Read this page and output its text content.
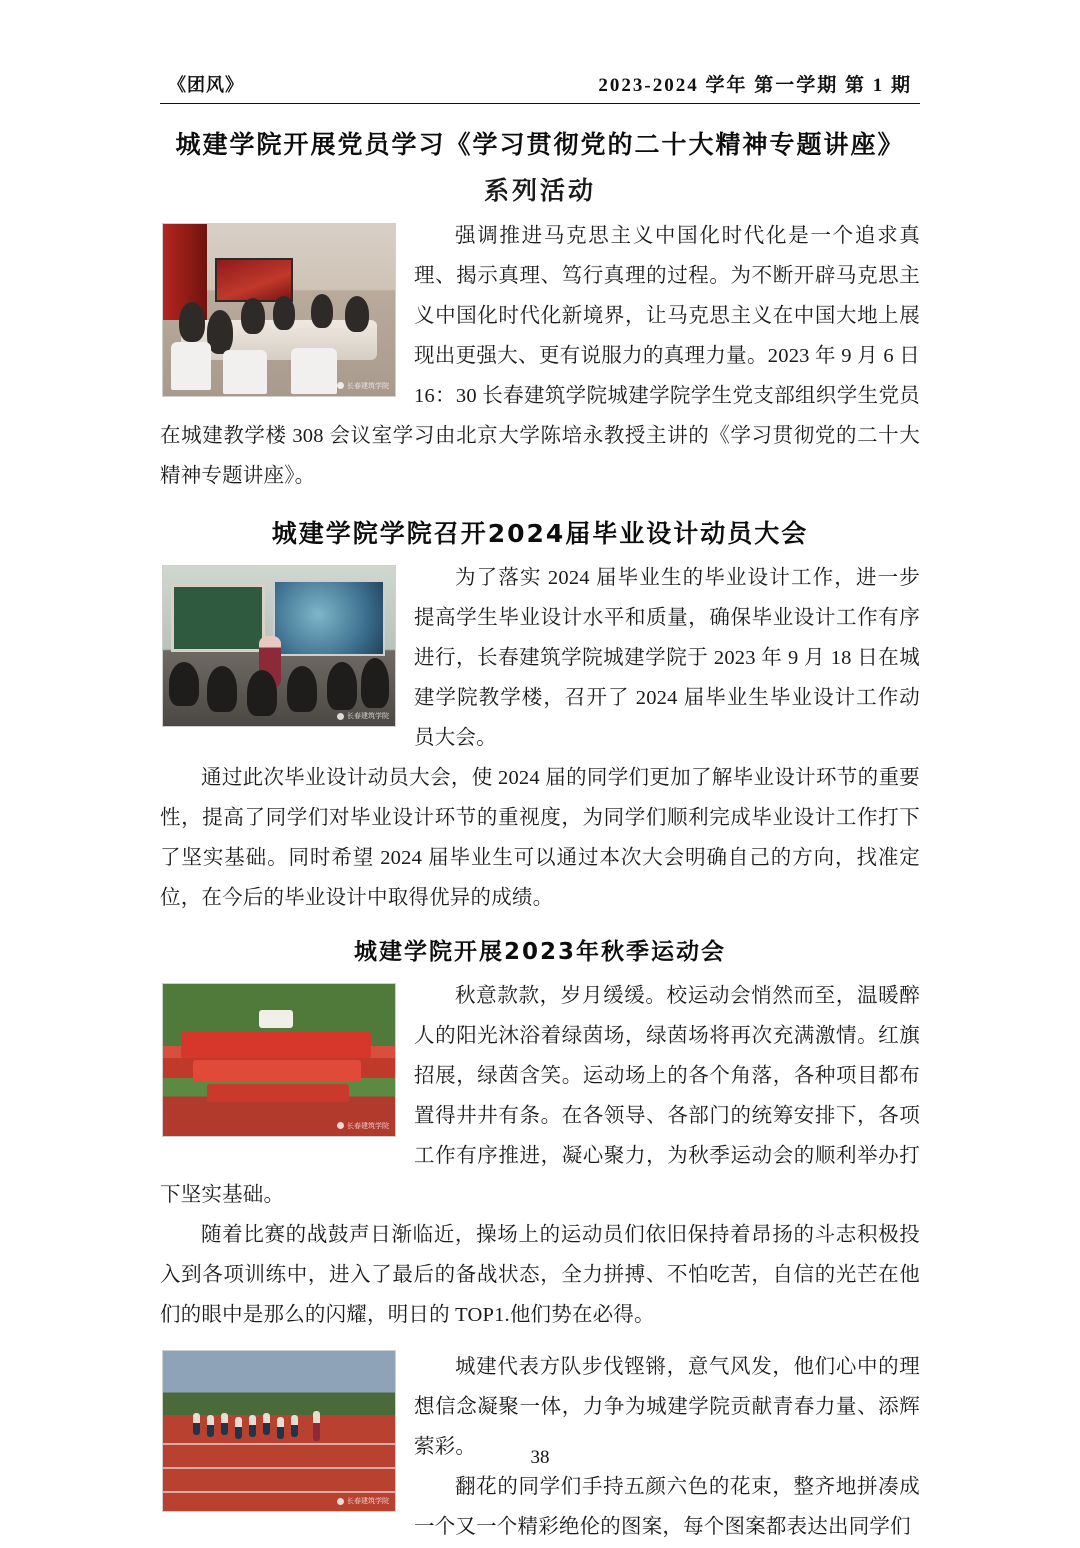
《团风》	2023-2024 学年 第一学期 第 1 期
城建学院开展党员学习《学习贯彻党的二十大精神专题讲座》
系列活动
长春建筑学院

强调推进马克思主义中国化时代化是一个追求真理、揭示真理、笃行真理的过程。为不断开辟马克思主义中国化时代化新境界，让马克思主义在中国大地上展现出更强大、更有说服力的真理力量。2023 年 9 月 6 日 16：30 长春建筑学院城建学院学生党支部组织学生党员在城建教学楼 308 会议室学习由北京大学陈培永教授主讲的《学习贯彻党的二十大精神专题讲座》。

城建学院学院召开2024届毕业设计动员大会
长春建筑学院

为了落实 2024 届毕业生的毕业设计工作，进一步提高学生毕业设计水平和质量，确保毕业设计工作有序进行，长春建筑学院城建学院于 2023 年 9 月 18 日在城建学院教学楼，召开了 2024 届毕业生毕业设计工作动员大会。

通过此次毕业设计动员大会，使 2024 届的同学们更加了解毕业设计环节的重要性，提高了同学们对毕业设计环节的重视度，为同学们顺利完成毕业设计工作打下了坚实基础。同时希望 2024 届毕业生可以通过本次大会明确自己的方向，找准定位，在今后的毕业设计中取得优异的成绩。

城建学院开展2023年秋季运动会
长春建筑学院

秋意款款，岁月缓缓。校运动会悄然而至，温暖醉人的阳光沐浴着绿茵场，绿茵场将再次充满激情。红旗招展，绿茵含笑。运动场上的各个角落，各种项目都布置得井井有条。在各领导、各部门的统筹安排下，各项工作有序推进，凝心聚力，为秋季运动会的顺利举办打下坚实基础。

随着比赛的战鼓声日渐临近，操场上的运动员们依旧保持着昂扬的斗志积极投入到各项训练中，进入了最后的备战状态，全力拼搏、不怕吃苦，自信的光芒在他们的眼中是那么的闪耀，明日的 TOP1.他们势在必得。

长春建筑学院

城建代表方队步伐铿锵，意气风发，他们心中的理想信念凝聚一体，力争为城建学院贡献青春力量、添辉萦彩。

翻花的同学们手持五颜六色的花束，整齐地拼凑成一个又一个精彩绝伦的图案，每个图案都表达出同学们

38
